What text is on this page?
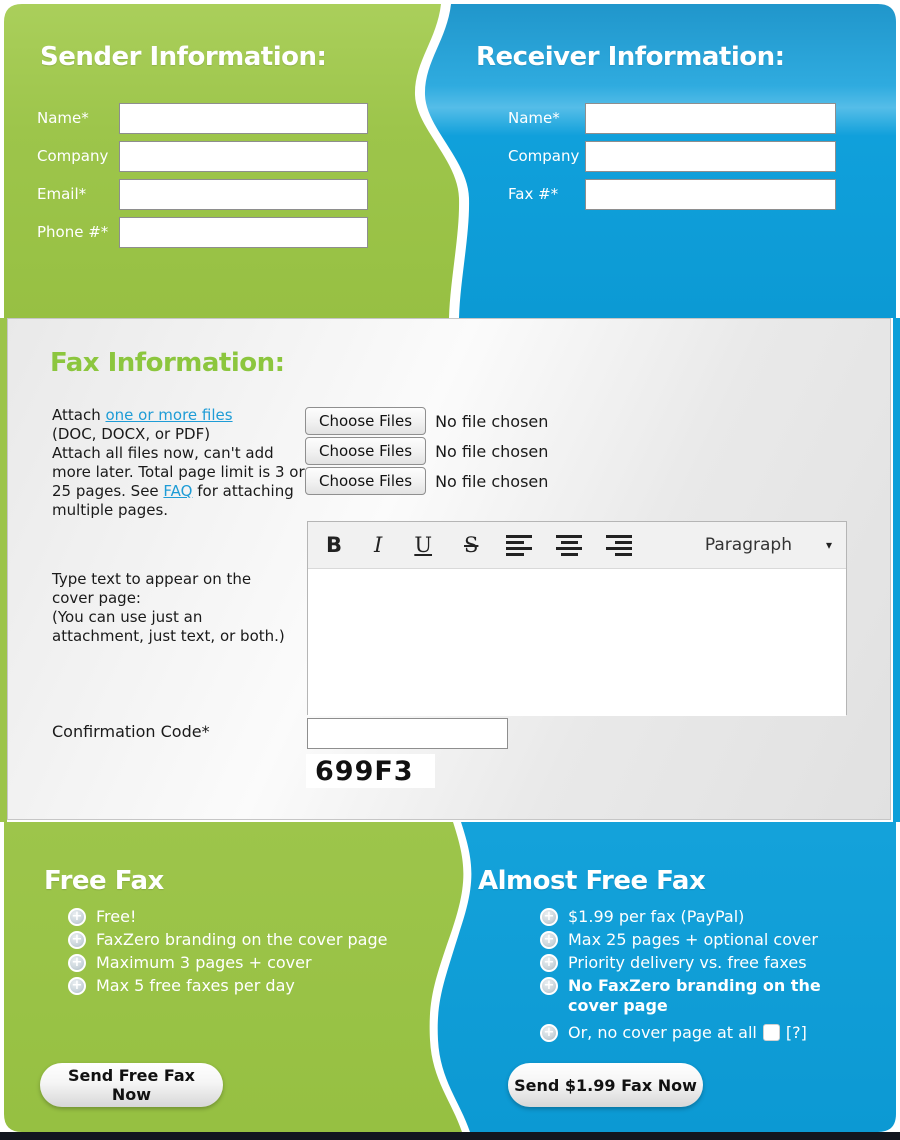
Sender Information:
Name*
Company
Email*
Phone #*
Receiver Information:
Name*
Company
Fax #*
Fax Information:
Attach one or more files
(DOC, DOCX, or PDF)
Attach all files now, can't add more later. Total page limit is 3 or 25 pages. See FAQ for attaching multiple pages.
Choose Files	No file chosen
Choose Files	No file chosen
Choose Files	No file chosen
Type text to appear on the
cover page:
(You can use just an
attachment, just text, or both.)
B I U S	Paragraph	▾
Confirmation Code*
699F3
Free Fax
+ Free!
+ FaxZero branding on the cover page
+ Maximum 3 pages + cover
+ Max 5 free faxes per day
Send Free Fax Now
Almost Free Fax
+ $1.99 per fax (PayPal)
+ Max 25 pages + optional cover
+ Priority delivery vs. free faxes
+ No FaxZero branding on the cover page
+ Or, no cover page at all [?]
Send $1.99 Fax Now
